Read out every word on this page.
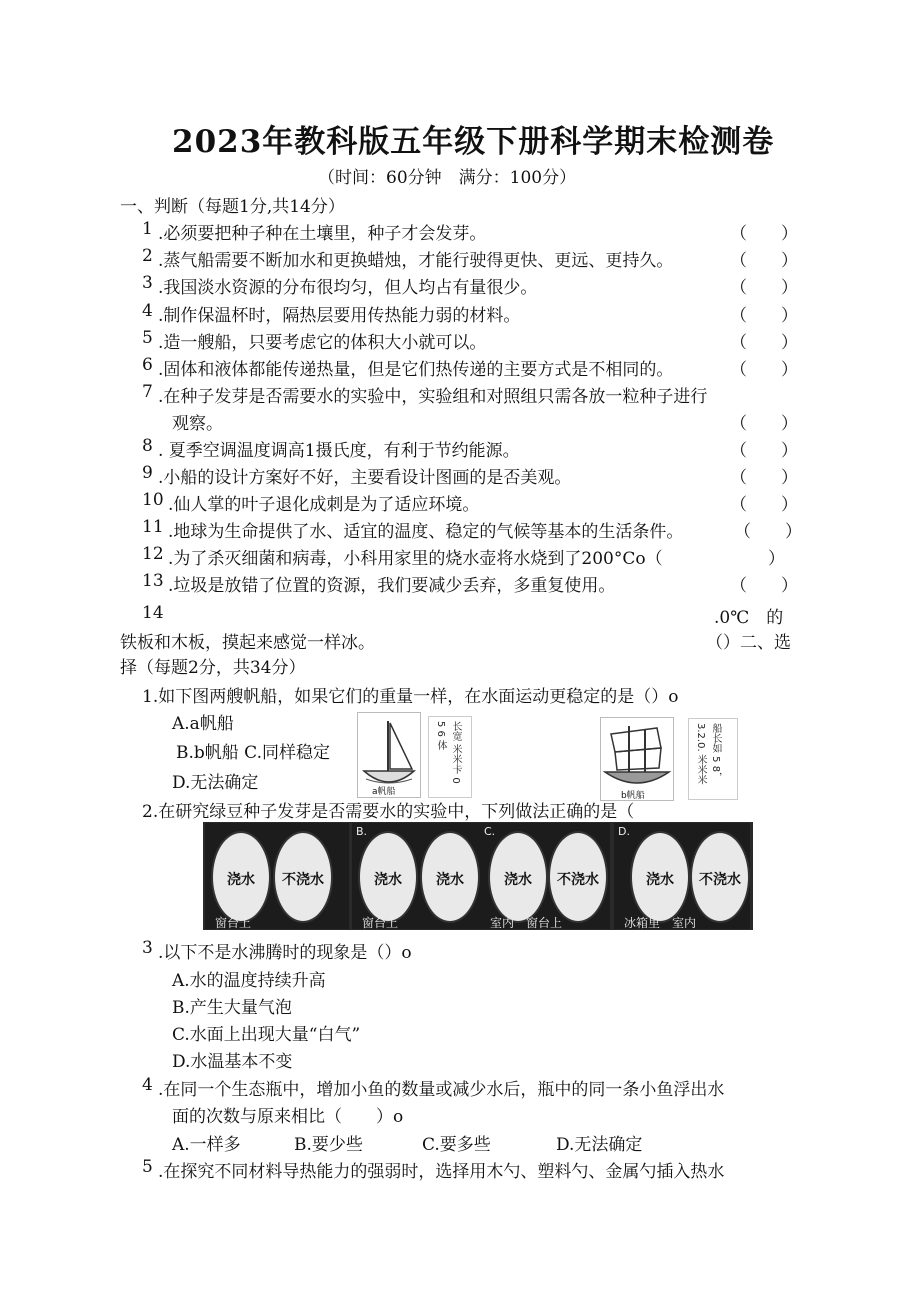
2023年教科版五年级下册科学期末检测卷
（时间：60分钟　满分：100分）
一、判断（每题1分,共14分）
1 .必须要把种子种在土壤里，种子才会发芽。	（　　）
2 .蒸气船需要不断加水和更换蜡烛，才能行驶得更快、更远、更持久。	（　　）
3 .我国淡水资源的分布很均匀，但人均占有量很少。	（　　）
4 .制作保温杯时，隔热层要用传热能力弱的材料。	（　　）
5 .造一艘船，只要考虑它的体积大小就可以。	（　　）
6 .固体和液体都能传递热量，但是它们热传递的主要方式是不相同的。	（　　）
7 .在种子发芽是否需要水的实验中，实验组和对照组只需各放一粒种子进行
观察。	（　　）
8 . 夏季空调温度调高1摄氏度，有利于节约能源。	（　　）
9 .小船的设计方案好不好，主要看设计图画的是否美观。	（　　）
10 .仙人掌的叶子退化成刺是为了适应环境。	（　　）
11 .地球为生命提供了水、适宜的温度、稳定的气候等基本的生活条件。	（　　）
12 .为了杀灭细菌和病毒，小科用家里的烧水壶将水烧到了200°Co（	　　）
13 .垃圾是放错了位置的资源，我们要减少丢弃，多重复使用。	（　　）
14	.0℃　的
铁板和木板，摸起来感觉一样冰。	（）二、选
择（每题2分，共34分）
1.如下图两艘帆船，如果它们的重量一样，在水面运动更稳定的是（）o
A.a帆船
B.b帆船 C.同样稳定
D.无法确定	a帆船
长宽 米米卡 0 5 6 体
b帆船
船长如 5 8，3.2.0. 米米米
2.在研究绿豆种子发芽是否需要水的实验中，下列做法正确的是（
浇水	不浇水
窗台上
B.
浇水	浇水
窗台上
C.
浇水	不浇水
室内　窗台上
D.
浇水	不浇水
冰箱里　室内
3 .以下不是水沸腾时的现象是（）o
A.水的温度持续升高
B.产生大量气泡
C.水面上出现大量“白气”
D.水温基本不变
4 .在同一个生态瓶中，增加小鱼的数量或减少水后，瓶中的同一条小鱼浮出水
面的次数与原来相比（　　）o
A.一样多	B.要少些	C.要多些	D.无法确定
5 .在探究不同材料导热能力的强弱时，选择用木勺、塑料勺、金属勺插入热水
